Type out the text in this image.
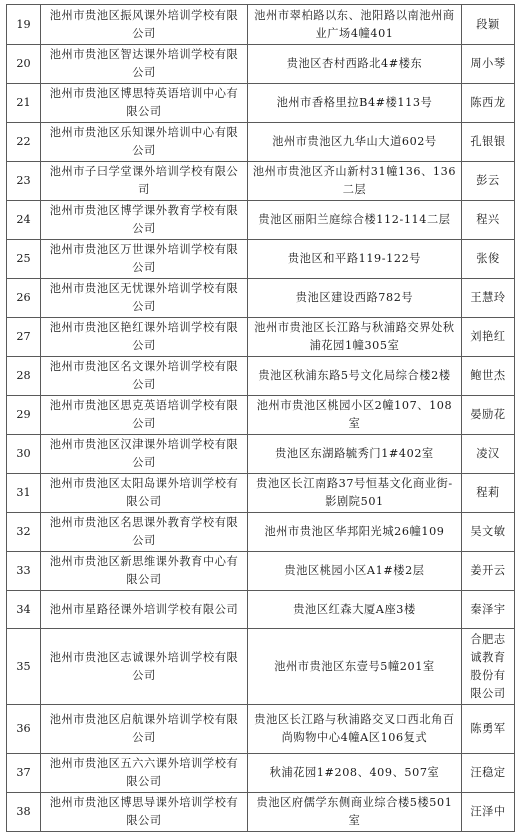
19	池州市贵池区振风课外培训学校有限公司	池州市翠柏路以东、池阳路以南池州商业广场4幢401	段颖
20	池州市贵池区智达课外培训学校有限公司	贵池区杏村西路北4#楼东	周小琴
21	池州市贵池区博思特英语培训中心有限公司	池州市香格里拉B4#楼113号	陈西龙
22	池州市贵池区乐知课外培训中心有限公司	池州市贵池区九华山大道602号	孔银银
23	池州市子曰学堂课外培训学校有限公司	池州市贵池区齐山新村31幢136、136二层	彭云
24	池州市贵池区博学课外教育学校有限公司	贵池区丽阳兰庭综合楼112-114二层	程兴
25	池州市贵池区万世课外培训学校有限公司	贵池区和平路119-122号	张俊
26	池州市贵池区无忧课外培训学校有限公司	贵池区建设西路782号	王慧玲
27	池州市贵池区艳红课外培训学校有限公司	池州市贵池区长江路与秋浦路交界处秋浦花园1幢305室	刘艳红
28	池州市贵池区名文课外培训学校有限公司	贵池区秋浦东路5号文化局综合楼2楼	鲍世杰
29	池州市贵池区思克英语培训学校有限公司	池州市贵池区桃园小区2幢107、108室	晏励花
30	池州市贵池区汉津课外培训学校有限公司	贵池区东湖路毓秀门1#402室	凌汉
31	池州市贵池区太阳岛课外培训学校有限公司	贵池区长江南路37号恒基文化商业街-影剧院501	程莉
32	池州市贵池区名思课外教育学校有限公司	池州市贵池区华邦阳光城26幢109	吴文敏
33	池州市贵池区新思维课外教育中心有限公司	贵池区桃园小区A1#楼2层	姜开云
34	池州市星路径课外培训学校有限公司	贵池区红森大厦A座3楼	秦泽宇
35	池州市贵池区志诚课外培训学校有限公司	池州市贵池区东壹号5幢201室	合肥志诚教育股份有限公司
36	池州市贵池区启航课外培训学校有限公司	贵池区长江路与秋浦路交叉口西北角百尚购物中心4幢A区106复式	陈勇军
37	池州市贵池区五六六课外培训学校有限公司	秋浦花园1#208、409、507室	汪稳定
38	池州市贵池区博思导课外培训学校有限公司	贵池区府儒学东侧商业综合楼5楼501室	汪泽中
